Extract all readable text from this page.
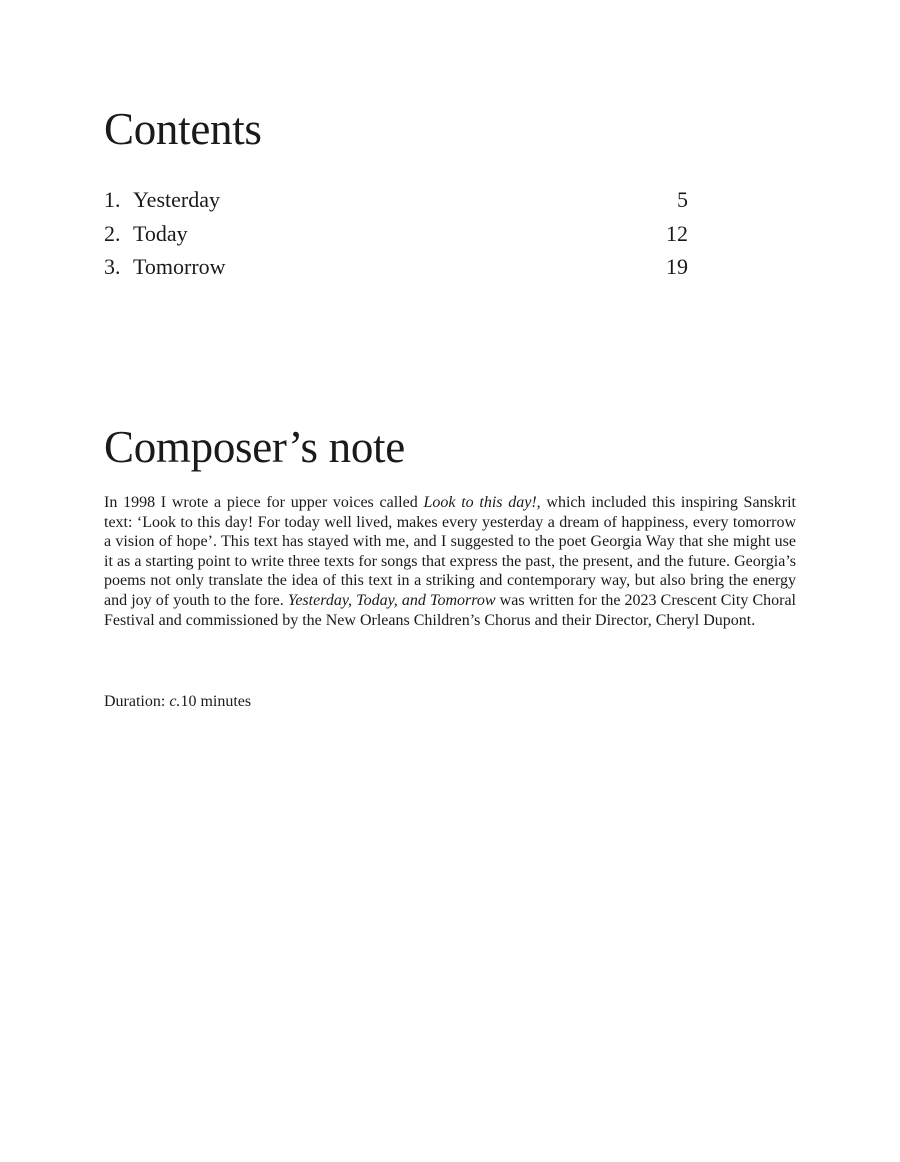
Contents
1. Yesterday	5
2. Today	12
3. Tomorrow	19
Composer’s note

In 1998 I wrote a piece for upper voices called Look to this day!, which included this inspiring Sanskrit text: ‘Look to this day! For today well lived, makes every yesterday a dream of happiness, every tomorrow a vision of hope’. This text has stayed with me, and I suggested to the poet Georgia Way that she might use it as a starting point to write three texts for songs that express the past, the present, and the future. Georgia’s poems not only translate the idea of this text in a striking and contemporary way, but also bring the energy and joy of youth to the fore. Yesterday, Today, and Tomorrow was written for the 2023 Crescent City Choral Festival and commissioned by the New Orleans Children’s Chorus and their Director, Cheryl Dupont.

Duration: c.10 minutes
